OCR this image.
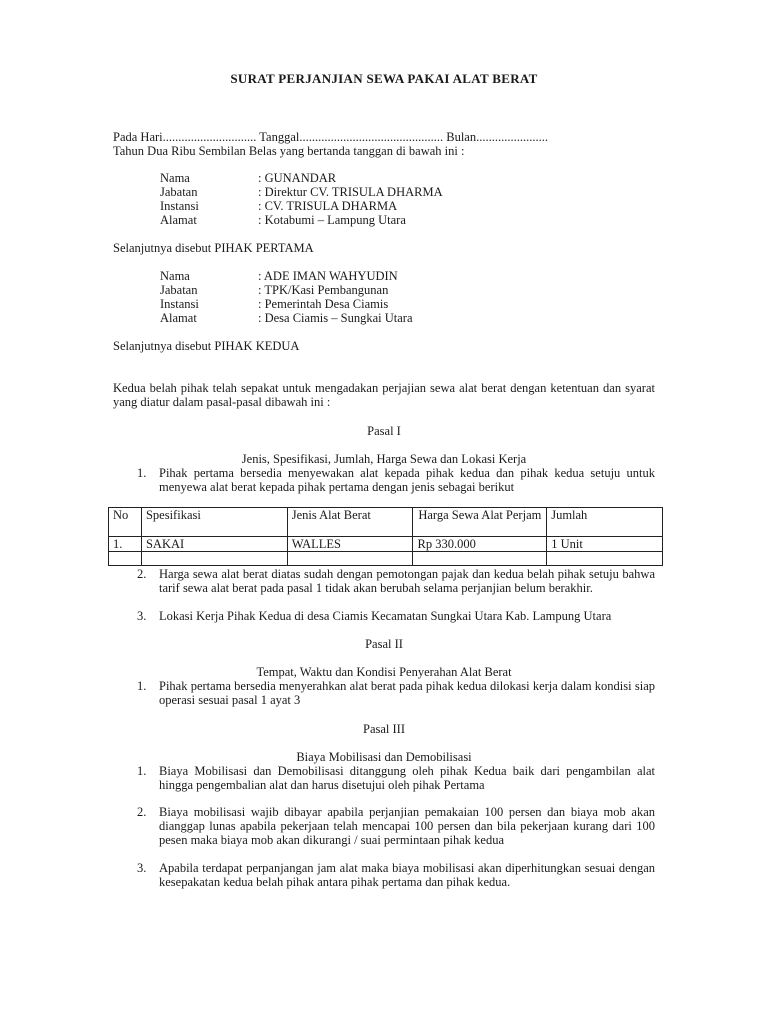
SURAT PERJANJIAN SEWA PAKAI ALAT BERAT
Pada Hari.............................. Tanggal.............................................. Bulan.......................
Tahun Dua Ribu Sembilan Belas yang bertanda tanggan di bawah ini :
Nama	: GUNANDAR
Jabatan	: Direktur CV. TRISULA DHARMA
Instansi	: CV. TRISULA DHARMA
Alamat	: Kotabumi – Lampung Utara
Selanjutnya disebut PIHAK PERTAMA
Nama	: ADE IMAN WAHYUDIN
Jabatan	: TPK/Kasi Pembangunan
Instansi	: Pemerintah Desa Ciamis
Alamat	: Desa Ciamis – Sungkai Utara
Selanjutnya disebut PIHAK KEDUA
Kedua belah pihak telah sepakat untuk mengadakan perjajian sewa alat berat dengan ketentuan dan syarat yang diatur dalam pasal-pasal dibawah ini :
Pasal I
Jenis, Spesifikasi, Jumlah, Harga Sewa dan Lokasi Kerja
1.	Pihak pertama bersedia menyewakan alat kepada pihak kedua dan pihak kedua setuju untuk menyewa alat berat kepada pihak pertama dengan jenis sebagai berikut
No	Spesifikasi	Jenis Alat Berat	Harga Sewa Alat Perjam	Jumlah
1.	SAKAI	WALLES	Rp 330.000	1 Unit

2.	Harga sewa alat berat diatas sudah dengan pemotongan pajak dan kedua belah pihak setuju bahwa tarif sewa alat berat pada pasal 1 tidak akan berubah selama perjanjian belum berakhir.
3.	Lokasi Kerja Pihak Kedua di desa Ciamis Kecamatan Sungkai Utara Kab. Lampung Utara
Pasal II
Tempat, Waktu dan Kondisi Penyerahan Alat Berat
1.	Pihak pertama bersedia menyerahkan alat berat pada pihak kedua dilokasi kerja dalam kondisi siap operasi sesuai pasal 1 ayat 3
Pasal III
Biaya Mobilisasi dan Demobilisasi
1.	Biaya Mobilisasi dan Demobilisasi ditanggung oleh pihak Kedua baik dari pengambilan alat hingga pengembalian alat dan harus disetujui oleh pihak Pertama
2.	Biaya mobilisasi wajib dibayar apabila perjanjian pemakaian 100 persen dan biaya mob akan dianggap lunas apabila pekerjaan telah mencapai 100 persen dan bila pekerjaan kurang dari 100 pesen maka biaya mob akan dikurangi / suai permintaan pihak kedua
3.	Apabila terdapat perpanjangan jam alat maka biaya mobilisasi akan diperhitungkan sesuai dengan kesepakatan kedua belah pihak antara pihak pertama dan pihak kedua.
